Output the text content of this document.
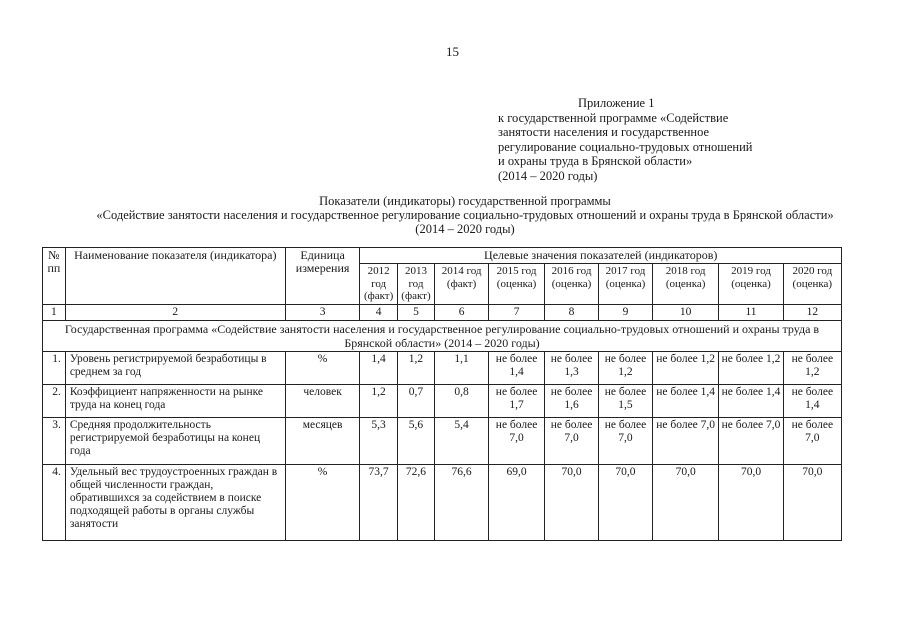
15
Приложение 1
к государственной программе «Содействие
занятости населения и государственное
регулирование социально-трудовых отношений
и охраны труда в Брянской области»
(2014 – 2020 годы)
Показатели (индикаторы) государственной программы
«Содействие занятости населения и государственное регулирование социально-трудовых отношений и охраны труда в Брянской области»
(2014 – 2020 годы)
№ пп	Наименование показателя (индикатора)	Единица измерения	Целевые значения показателей (индикаторов)								
			2012 год (факт)	2013 год (факт)	2014 год (факт)	2015 год (оценка)	2016 год (оценка)	2017 год (оценка)	2018 год (оценка)	2019 год (оценка)	2020 год (оценка)
1	2	3	4	5	6	7	8	9	10	11	12
Государственная программа «Содействие занятости населения и государственное регулирование социально-трудовых отношений и охраны труда в Брянской области» (2014 – 2020 годы)											
1.	Уровень регистрируемой безработицы в среднем за год	%	1,4	1,2	1,1	не более 1,4	не более 1,3	не более 1,2	не более 1,2	не более 1,2	не более 1,2
2.	Коэффициент напряженности на рынке труда на конец года	человек	1,2	0,7	0,8	не более 1,7	не более 1,6	не более 1,5	не более 1,4	не более 1,4	не более 1,4
3.	Средняя продолжительность регистрируемой безработицы на конец года	месяцев	5,3	5,6	5,4	не более 7,0	не более 7,0	не более 7,0	не более 7,0	не более 7,0	не более 7,0
4.	Удельный вес трудоустроенных граждан в общей численности граждан, обратившихся за содействием в поиске подходящей работы в органы службы занятости	%	73,7	72,6	76,6	69,0	70,0	70,0	70,0	70,0	70,0
